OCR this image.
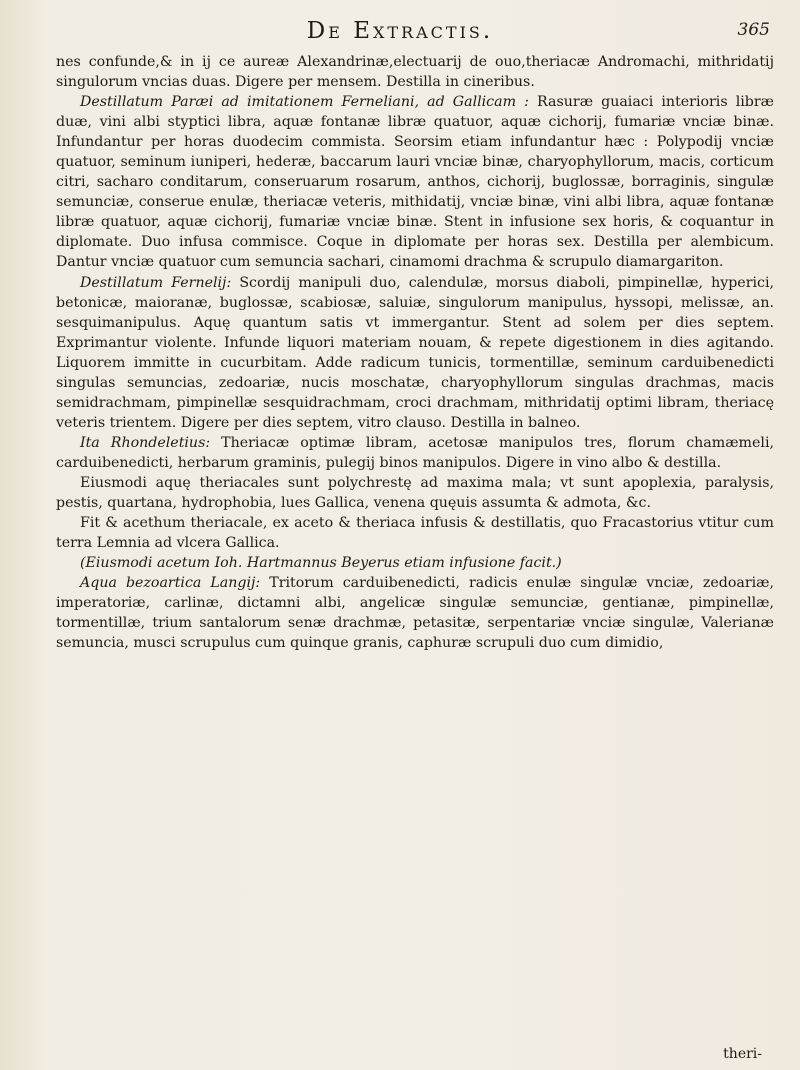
De Extractis.	365

nes confunde,& in ij ce aureæ Alexandrinæ,electuarij de ouo,theriacæ Andromachi, mithridatij singulorum vncias duas. Digere per mensem. Destilla in cineribus.

Destillatum Paræi ad imitationem Ferneliani, ad Gallicam : Rasuræ guaiaci interioris libræ duæ, vini albi styptici libra, aquæ fontanæ libræ quatuor, aquæ cichorij, fumariæ vnciæ binæ. Infundantur per horas duodecim commista. Seorsim etiam infundantur hæc : Polypodij vnciæ quatuor, seminum iuniperi, hederæ, baccarum lauri vnciæ binæ, charyophyllorum, macis, corticum citri, sacharo conditarum, conseruarum rosarum, anthos, cichorij, buglossæ, borraginis, singulæ semunciæ, conserue enulæ, theriacæ veteris, mithidatij, vnciæ binæ, vini albi libra, aquæ fontanæ libræ quatuor, aquæ cichorij, fumariæ vnciæ binæ. Stent in infusione sex horis, & coquantur in diplomate. Duo infusa commisce. Coque in diplomate per horas sex. Destilla per alembicum. Dantur vnciæ quatuor cum semuncia sachari, cinamomi drachma & scrupulo diamargariton.

Destillatum Fernelij: Scordij manipuli duo, calendulæ, morsus diaboli, pimpinellæ, hyperici, betonicæ, maioranæ, buglossæ, scabiosæ, saluiæ, singulorum manipulus, hyssopi, melissæ, an. sesquimanipulus. Aquę quantum satis vt immergantur. Stent ad solem per dies septem. Exprimantur violente. Infunde liquori materiam nouam, & repete digestionem in dies agitando. Liquorem immitte in cucurbitam. Adde radicum tunicis, tormentillæ, seminum carduibenedicti singulas semuncias, zedoariæ, nucis moschatæ, charyophyllorum singulas drachmas, macis semidrachmam, pimpinellæ sesquidrachmam, croci drachmam, mithridatij optimi libram, theriacę veteris trientem. Digere per dies septem, vitro clauso. Destilla in balneo.

Ita Rhondeletius: Theriacæ optimæ libram, acetosæ manipulos tres, florum chamæmeli, carduibenedicti, herbarum graminis, pulegij binos manipulos. Digere in vino albo & destilla.

Eiusmodi aquę theriacales sunt polychrestę ad maxima mala; vt sunt apoplexia, paralysis, pestis, quartana, hydrophobia, lues Gallica, venena quęuis assumta & admota, &c.

Fit & acethum theriacale, ex aceto & theriaca infusis & destillatis, quo Fracastorius vtitur cum terra Lemnia ad vlcera Gallica.

(Eiusmodi acetum Ioh. Hartmannus Beyerus etiam infusione facit.)

Aqua bezoartica Langij: Tritorum carduibenedicti, radicis enulæ singulæ vnciæ, zedoariæ, imperatoriæ, carlinæ, dictamni albi, angelicæ singulæ semunciæ, gentianæ, pimpinellæ, tormentillæ, trium santalorum senæ drachmæ, petasitæ, serpentariæ vnciæ singulæ, Valerianæ semuncia, musci scrupulus cum quinque granis, caphuræ scrupuli duo cum dimidio,

theri-
